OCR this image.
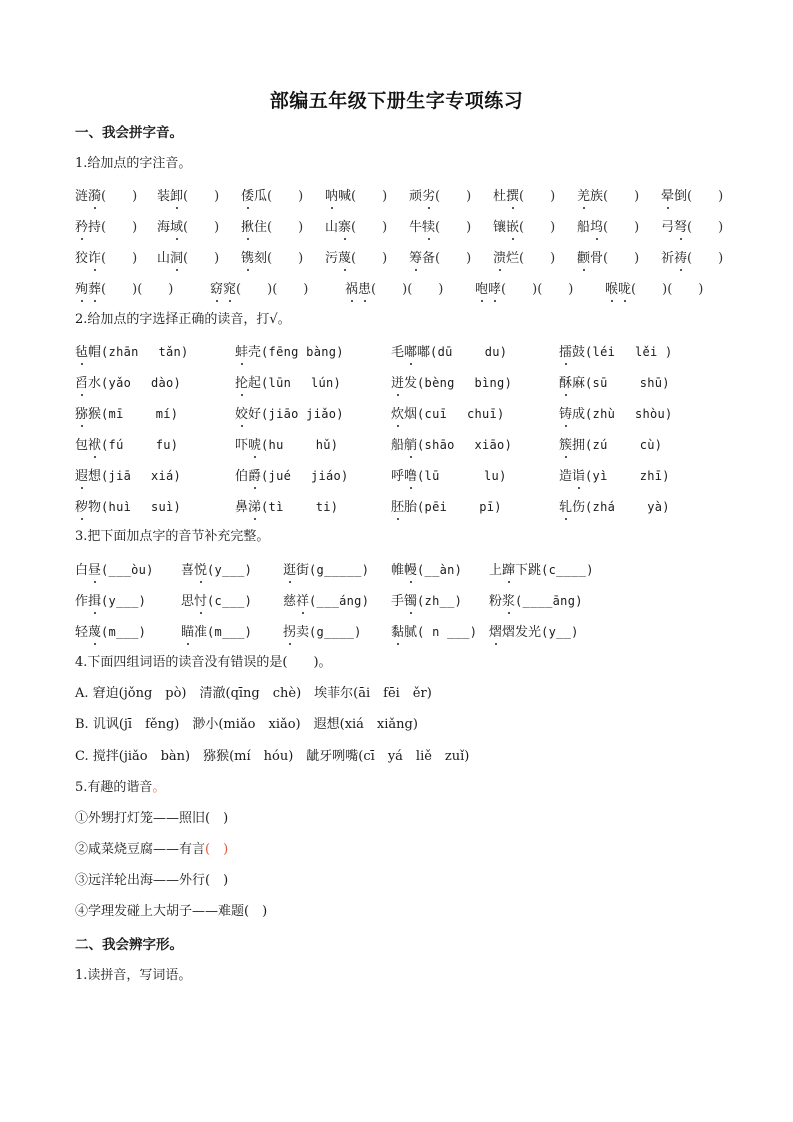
部编五年级下册生字专项练习
一、我会拼字音。
1.给加点的字注音。
涟漪(　　) 装卸(　　) 倭瓜(　　) 呐喊(　　) 顽劣(　　) 杜撰(　　) 羌族(　　) 晕倒(　　)
矜持(　　) 海域(　　) 揪住(　　) 山寨(　　) 牛犊(　　) 镶嵌(　　) 船坞(　　) 弓弩(　　)
狡诈(　　) 山洞(　　) 镌刻(　　) 污蔑(　　) 筹备(　　) 溃烂(　　) 颧骨(　　) 祈祷(　　)
殉葬(　　)(　　)	窈窕(　　)(　　)	祸患(　　)(　　) 咆哮(　　)(　　) 喉咙(　　)(　　)
2.给加点的字选择正确的读音，打√。
毡帽(zhān　 tǎn)	蚌壳(fēng bàng)	毛嘟嘟(dū　　 du)	擂鼓(léi　 lěi )
舀水(yǎo　 dào)	抡起(lūn　 lún)	迸发(bèng　 bìng)	酥麻(sū　　 shū)
猕猴(mī　　 mí)	姣好(jiāo jiǎo)	炊烟(cuī　 chuī)	铸成(zhù　 shòu)
包袱(fú　　 fu)	吓唬(hu　　 hǔ)	船艄(shāo　 xiāo)	簇拥(zú　　 cù)
遐想(jiā　 xiá)	伯爵(jué　 jiáo)	呼噜(lū　　　 lu)	造诣(yì　　 zhī)
秽物(huì　 suì)	鼻涕(tì　　 ti)	胚胎(pēi　　 pī)	轧伤(zhá　　 yà)
3.把下面加点字的音节补充完整。
白昼(___òu) 喜悦(y___) 逛街(g_____) 帷幔(__àn) 上蹿下跳(c____)
作揖(y___)	思忖(c___) 慈祥(___áng) 手镯(zh__) 粉浆(____āng)
轻蔑(m___)	瞄准(m___) 拐卖(g____) 黏腻( n ___) 熠熠发光(y__)
4.下面四组词语的读音没有错误的是(　　)。
A. 窘迫(jǒng　pò)　清澈(qīng　chè)　埃菲尔(āi　fēi　ěr)
B. 讥讽(jī　fěng)　渺小(miǎo　xiǎo)　遐想(xiá　xiǎng)
C. 搅拌(jiǎo　bàn)　猕猴(mí　hóu)　龇牙咧嘴(cī　yá　liě　zuǐ)
5.有趣的谐音。
①外甥打灯笼——照旧(　)
②咸菜烧豆腐——有言(　)
③远洋轮出海——外行(　)
④学理发碰上大胡子——难题(　)
二、我会辨字形。
1.读拼音，写词语。
